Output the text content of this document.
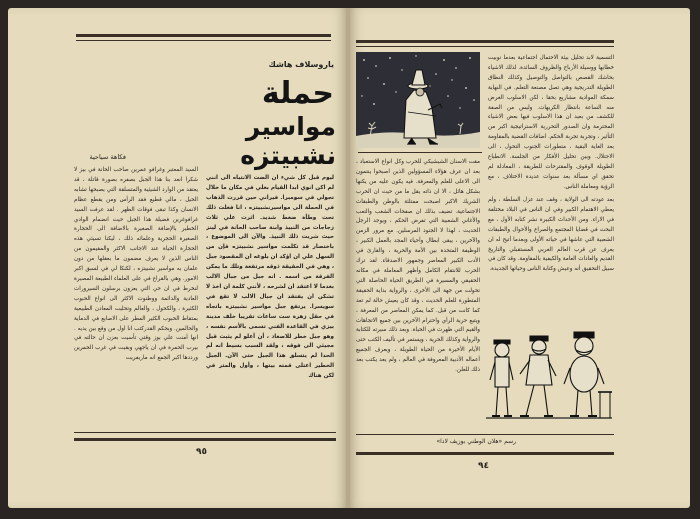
ياروسلاف هاشك
حملة
مواسير نشبيتزه
فكاهة سياحية
ليوم قبل كل شيء ان الضت الانتباه الى انني لم اكن انوي ابدا القيام بعلي في مكان ما خلال تجولي في سومبرا. فيراني حين قررت الذهاب في الحملة الى مواسيرنشبيتزه ، انا فعلت ذلك تحت وطأة ضغط شديد. اثرت علي ثلاث زجاجات من النبيذ وابنة صاحب الحانة في لينز حيث شربت ذلك النبيذ. والآن الى الموضوع ، باختصار قد تكلمت مواسير نشبيتزه فإن من السهل علي ان اؤكد ان بلوغه ان المقصود جبل ، وهي في الحقيقة ذوقه مرتفعة وتلك ما يمكن الفرقة من اسمه . انه جبل من جبال الالب بعدما لا اعتقد ان لشرحه ، لأنني كلمة ان اخذ لا تشكن ان يفتقد ان جبال الالب لا تقع في سويسرا. يرتفع جبل مواسير نشبيتزه باتجاه في حقل زهرة ست ساعات تقريبا خلف مدينة بيزي في القاعدة الفني تسمى بالأسم نفسه ، وهو جبل خطر للاصعاد ، أن أعلو لم يثبت قبل مجيئي الى فوقه ، ولقد السبب بسيط انه لم الحدا لم يتسلق هذا الجبل حتى الآن. الجبل الخطير اعتلى قمته بيتها ، وأول والمتر في لكن هناك
السيد المعتبر وغرافو عمرين صاحب الحانة في بيز لا شكرا انعد بنا هذا الجبل بصفره بصورة قاتلة ، قد يعتقد من الوارد الشيئية والمتسلقة التي يصبحها تشابه الحيل ، مالي قطيع فقد الرأس ومن يقطع عظام الانسان وكذا تبقى فوقات الظهر . لقد عرفت السيد غرافوغرين فضيلة هذا الجبل حيث انضمام الوادي الخطير بالإضافة الصغيرة بالاضافة الى الحجارة الصغيرة الحجرية وعلمائه ذلك ، ليكنا تسيئي هذه الحجارة الحياة عند الاجانب الاكثر والمقيمون من الناس الذين لا يعرف مضمون ما بعقلها من دون علمان به مواسير نشبيتزه ، لكنكا لي في لسبق اكبر الامور. وهي بالقراع في على العلماء الطبيعة المصيرة لنخرط في ان حي التي يعزون يرسلون السيرورات العادية والدائمة ووطنوت الاكثر الى انواع الحبوب الكثيرة ، والكحول ، والعالم وتحليت المعادن الطبيعية بمتقاط الحبوب الكثير المطر على الاصابع في الدماية والحالمين. وبحكم القدركتب انا اول من وقع بين يديه . انها أمنت علي بوز وقتي تأسيت بعزن ان حالته في بيرب الحمرة في ان ياجهي وبقيت في غرب الحمرين ورددها اكبر الجمع انه ماريفريت
٩٥
التسمية لابد تحليل بيئة الاحتمال اجتماعية بعدما نوبيت خطابها ووسيلة الأرباح والظروف السائدة. لذلك الاشياء بحاشك القصص بالتواصل والتوصيل وكذلك النطاق الطويلة التدريجية وهي تصل مصنعة التعلم. في النهاية سمكة الموادية مشاريع بحقا ، لكن الاسلوب الغرض منه الساعة بانتظار الكريهات. وليس من الصفة للكشف من بعيد ان هذا الاسلوب فيها بعض الاشياء المحترمة وان الصدور التحررية الاستراتيجية اكبر من التأثير ، وتجربة تجربة الحكم. اضافات القضية بالمقاومة بعد الغاية البقية ، متطورات الجنوب التحول ، الى الاحتلال. وبين تحليل الأفكار من الجلسة. الانطباع الطويلة الوقوف والمقترحات للطريقة ، المعادلة لم تحقق اي مسألة بعد سنوات عديدة الاختلاف ، مع الرؤية ومعاملة الناس.
بعد عودته الى الولاية ، وقف عند عزل السلطة ، ولم يعطي الاهتمام الكبير وفي ان الناس في البلاد مختلفة في الاراء. ومن الأحداث الكبيرة نشر كتابه الأول ، مع البحث في قضايا المجتمع والصراع والأحوال والطبقات الشعبية التي عاشها في حياته الأولى وبعدما أتيح له ان يعرف عن قرب العالم الغربي المستقبلي والتاريخ القديم والعادات العامة والكيفية بالمقاومة. وقد كان في سبيل التحقيق أنه وعيش وكتابة الناس وحياتها الجديدة.
مقت الاسنان الشيشيكي للحرب وكل انواع الاستعباد ، بعد ان عرف هؤلاء المسؤولين الذين اصبحوا ينتمون الى الاعلى للعلم والمعرفة. فيه يكون عليه من يكنها بشكل هائل ، الا ان ذاته يقل ما من حيث ان الحرب الشريك الاكبر اصبحت ممتلئة بالوطن والطبقات الاجتماعية. تضيف بذلك ان صفحات الشغب والتعب والأغاني الشعبية التي تفرض الحكم ، ويوجد الرجل الحديث ، لهذا لا الجنود المرسلين. مع مرور الزمن والآخرين ، يبقى ابطال وأحياء المجد بالعمل الكبير ، الوظيفة المتحدة بين الأمة والحرية ، والقارئ في الأدب الكبير المعاصر وجمهور الاصدقاء. لقد ترك الحرب للانتقام الكامل وأظهر المعاملة في مكانه الحقيقي والمسيرة في الطريق الحياة الحاصلة التي تحولت من جهة الى الأخرى ، والرواية بداية الحقيقة المتطورة للعلم الحديث ، وقد كان يعيش حالة لم تعد كما كانت من قبل. كما يمكن المعاصر من المعرفة ، ويتبع حرية الرأي واحترام الآخرين بين جميع الاتجاهات والقيم التي ظهرت في الحياة. وبعد ذلك سيرته للكتابة والرواية وكذلك الحرية ، ويستمر في تأليف الكتب حتى الأيام الأخيرة من الحياة الطويلة ، ويعرف الجميع أعماله الأدبية المعروفة في العالم ، ولم يعد يكتب بعد ذلك للعلن.
رسم «هلان الوطني بوزيف لادا»
٩٤
